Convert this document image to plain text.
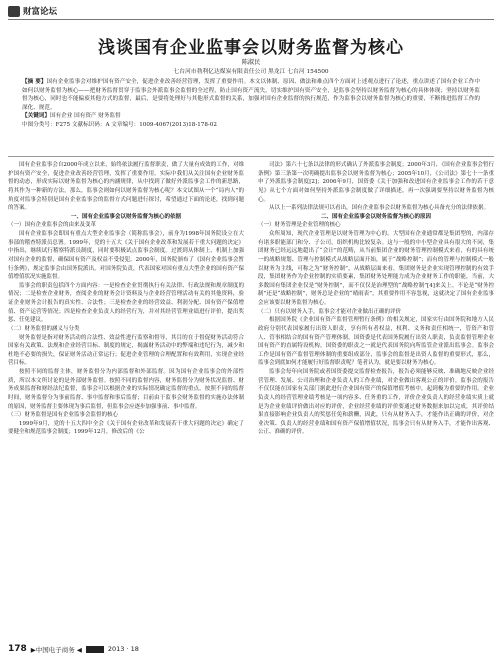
财富论坛
浅谈国有企业监事会以财务监督为核心
陈淑民
七台河市勃利亿达煤炭有限责任公司 黑龙江 七台河 154500
【摘 要】国有企业监事会对维护国有资产安全，促进企业改善经营管理，发挥了重要作用。本文以体制、原因、做法和难点四个方面对上述观点进行了论述，重点讲述了国有企业工作中如何以财务监督为核心——把财务监督贯穿于监事会外派监事会监督的全过程，防止国有资产流失，切实维护国有资产安全，是监事会坚持以财务监督为核心的具体体现；坚持以财务监督为核心，同时也不能偏废其他方式的监督，最后，是要将处理好与其他形式监督的关系，加强对国有企业监督的执行规范，作为监事会以财务监督为核心的重要，不断推进监督工作的深化、规范。
【关键词】国有企业 国有资产 财务监督
中图分类号：F275 文献标识码：A 文章编号：1009-4067(2013)18-178-02

国有企业监事会自2000年成立以来，始终依法履行监督职责，做了大量有成效的工作，对维护国有资产安全，促进企业改善经营管理，发挥了重要作用。实际中我们从关注国有企业财务监督的动态，形成实际以财务监督为核心的内涵规律，从中找到了做好外派监事会工作的新思路，将其作为一种新的方法，那么，监事会则如何以财务监督为核心呢？本文试图从一个“局内人”的角度对监事会特别是国有企业监事会的监督方式问题进行探讨，希望通过下面的论述，找到问题的答案。

一、国有企业监事会以财务监督为核心的依据

（一）国有企业监事会的由来及变革

国有企业监事会即国有重点大型企业监事会（简称监事会），前身为1998年国务院设立在大事部的稽查特派员总署。1999年，党的十五大《关于国有企业改革和发展若干重大问题的决定》中指出，继续试行稽察特派员制度，同时要积极试点监事会制度。过渡到从体制上、机制上加强对国有企业的监督，确保国有资产及权益不受侵犯。2000年，国务院颁布了《国有企业监事会暂行条例》，规定监事会由国务院派出，对国务院负责，代表国家对国有重点大型企业的国有资产保值增值状况实施监督。

监事会的职责包括四个方面内容：一是检查企业贯彻执行有关法律、行政法规和规章制度的情况；二是检查企业财务，查阅企业的财务会计资料及与企业经营管理活动有关的其他资料，验证企业财务会计报告的真实性、合法性；三是检查企业的经营效益、利润分配、国有资产保值增值、资产运营等情况；四是检查企业负责人的经营行为，并对其经营管理业绩进行评价，提出奖惩、任免建议。

（二）财务监督的涵义与分类

财务监督是指对财务活动的合法性、效益性进行监察和督导，其目的在于督促财务活动符合国家有关政策、法规和企业经营目标、制度的规定，揭露财务活动中的弊端和违纪行为，减少和杜绝不必要的损失，保证财务活动正常运行；促进企业管理的合理配置和有效利用，实现企业经营目标。

按照不同的监督主体，财务监督分为内部监督和外部监督。因为国有企业监事会的外部性质，所以本文所讨论的是外部财务监督。按照不同的监督内容，财务监督分为财务状况监督、财务成果监督和财经法纪监督，监事会可以根据企业的实际情况确定监督的重点。按照不同的监督时间，财务监督分为事前监督、事中监督和事后监督；目前由于监事会财务监督的实施办法体制的原因，财务监督主要体现为事后监督，但监事会应逐步加强事前、事中监督。

（三）财务监督是国有企业监事会监督的核心

1999年9月，党的十五大四中全会《关于国有企业改革和发展若干重大问题的决定》确定了要健全和规范监事会制度；1999年12月，修改后的《公

司法》第六十七条以法律的形式确认了外派监事会制度；2000年3月，《国有企业监事会暂行条例》第三条第一次明确提出监事会以财务监督为核心；2005年10月，《公司法》第七十一条重申了外派监事会制度[2]；2006年9月，国资委《关于加强和改进国有企业监事会工作的若干意见》从七个方面对如何坚持外派监事会制度做了详细描述，再一次强调要坚持以财务监督为核心。

从以上一系列法律法规可以看出，国有企业监事会以财务监督为核心具备充分的法律依据。

二、国有企业监事会以财务监督为核心的原因

（一）财务管理是企业管理的核心

众所周知，现代企业管理是以财务管理为中心的。大型国有企业通常都是集团型的，内部存有诸多职能部门和分、子公司，组织机构比较复杂。这与一般的中小型企业具有很大的不同，集团财务已经远远地超出了“会计”的范畴，从当前集团企业的财务管理控制模式来看，有的具有统一的战略规划、管理与控制模式从战略层面开始，属于“战略控制”；而有的管理与控制模式一般以财务为主线，可称之为“财务控制”，从战略层面来看，集团财务是企业实现管理控制的有效手段，集团财务作为企业控制的实质要素，集团财务处理能力成为企业财务工作的职能，当前，大多数国有集团企业仅是“财务控制”，而不仅仅是治理型的“战略控制”[4]来关上。不论是“财务控制”还是“战略控制”，财务总是企业的“晴雨表”，其重要作用不容忽视，这就决定了国有企业监事会应该要以财务监督为核心。

（二）只有以财务入手，监事会才能对企业做出正确的评价

根据国务院《企业国有资产监督管理暂行条例》的相关规定，国家实行由国务院和地方人民政府分别代表国家履行出资人职责，享有所有者权益，权利、义务和责任相统一，管资产和管人、管事相结合的国有资产管理体制。国资委是代表国务院履行出资人职责，负责监督管理企业国有资产的直属特设机构。国资委的职责之一就是代表国务院向所监管企业派出监事会。监事会工作是国有资产监督管理体制的重要组成部分，监事会的监督是出资人监督的重要形式，那么，监事会到底如何才能履行好监督职责呢？笔者认为，就是要以财务为核心。

监事会每年向国务院或者国资委提交监督检查报告，报告必须能够反映、准确地反映企业经营管理、发展、公司治理和企业负责人的工作业绩，对企业做出客观公正的评价。监事会的报告不仅仅能在国家有关部门据此进行企业国有资产的保值增值考核中，起到极为重要的作用。企业负责人的经营管理业绩考核是一项内容多、任务重的工作，评价企业负责人的经营业绩实质上就是为企业业绩评价做出对应的评价，企业经营业绩的评价要通过财务数据来加以完成，其评价结果直接影响企业负责人的奖惩任免和薪酬，因此，只有从财务入手，才能作出正确的评价，对企业决策、负责人的经营业绩和国有资产保值增值状况，监事会只有从财务入手，才能作出客观、公正、准确的评价。

178 ▶中国电子商务 ◀	2013 · 18
